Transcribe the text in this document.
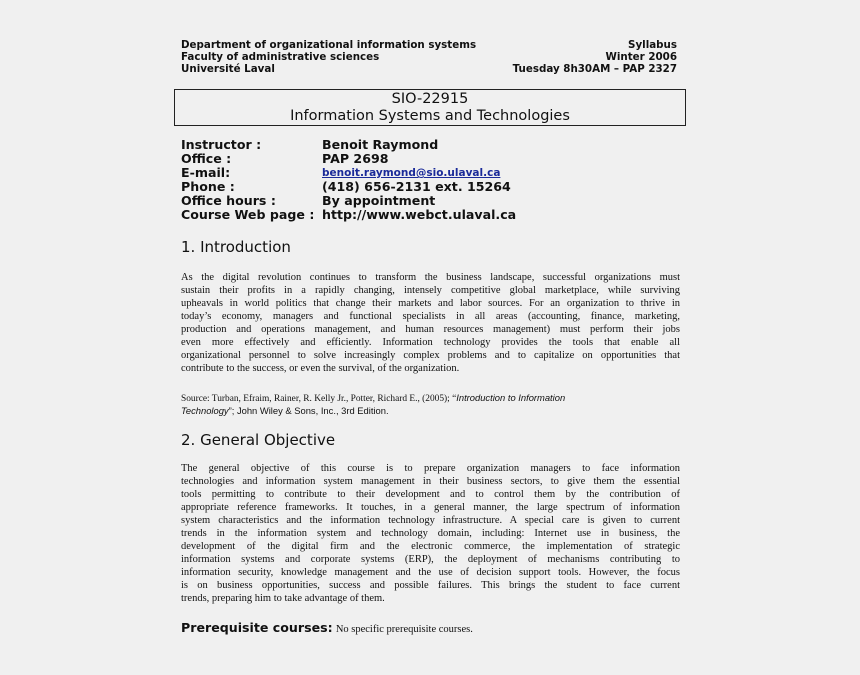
Department of organizational information systems	Syllabus
Faculty of administrative sciences	Winter 2006
Université Laval	Tuesday 8h30AM – PAP 2327
SIO-22915
Information Systems and Technologies
Instructor :	Benoit Raymond
Office :	PAP 2698
E-mail:	benoit.raymond@sio.ulaval.ca
Phone :	(418) 656-2131 ext. 15264
Office hours :	By appointment
Course Web page : http://www.webct.ulaval.ca
1. Introduction
As the digital revolution continues to transform the business landscape, successful organizations must
sustain their profits in a rapidly changing, intensely competitive global marketplace, while surviving
upheavals in world politics that change their markets and labor sources. For an organization to thrive in
today’s economy, managers and functional specialists in all areas (accounting, finance, marketing,
production and operations management, and human resources management) must perform their jobs
even more effectively and efficiently. Information technology provides the tools that enable all
organizational personnel to solve increasingly complex problems and to capitalize on opportunities that
contribute to the success, or even the survival, of the organization.
Source: Turban, Efraim, Rainer, R. Kelly Jr., Potter, Richard E., (2005); “Introduction to Information
Technology”; John Wiley & Sons, Inc., 3rd Edition.
2. General Objective
The general objective of this course is to prepare organization managers to face information
technologies and information system management in their business sectors, to give them the essential
tools permitting to contribute to their development and to control them by the contribution of
appropriate reference frameworks. It touches, in a general manner, the large spectrum of information
system characteristics and the information technology infrastructure. A special care is given to current
trends in the information system and technology domain, including: Internet use in business, the
development of the digital firm and the electronic commerce, the implementation of strategic
information systems and corporate systems (ERP), the deployment of mechanisms contributing to
information security, knowledge management and the use of decision support tools. However, the focus
is on business opportunities, success and possible failures. This brings the student to face current
trends, preparing him to take advantage of them.
Prerequisite courses: No specific prerequisite courses.
